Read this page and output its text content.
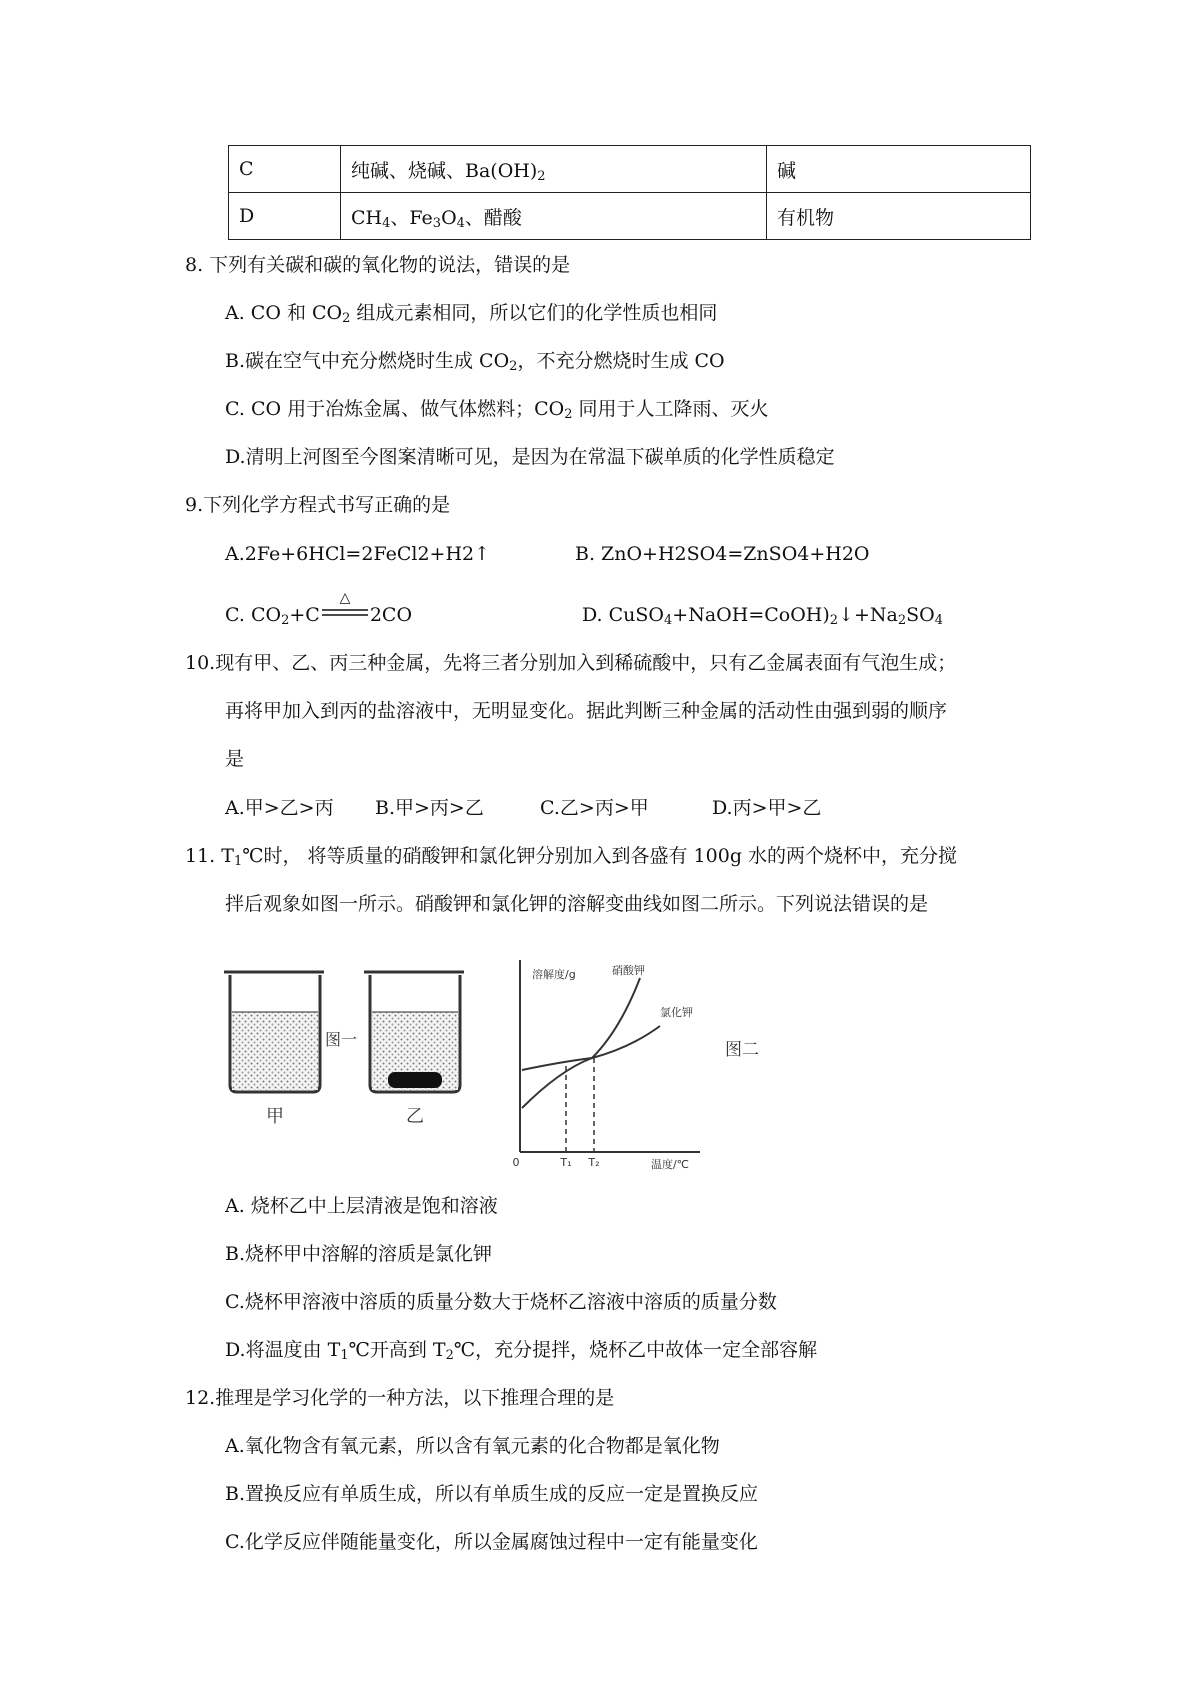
C	纯碱、烧碱、$Ba(OH)_2$	碱
D	$CH_4$、$Fe_3O_4$、醋酸	有机物
8. 下列有关碳和碳的氧化物的说法，错误的是
A. CO 和 $CO_2$ 组成元素相同，所以它们的化学性质也相同
B.碳在空气中充分燃烧时生成 $CO_2$，不充分燃烧时生成 CO
C. CO 用于冶炼金属、做气体燃料；$CO_2$ 同用于人工降雨、灭火
D.清明上河图至今图案清晰可见，是因为在常温下碳单质的化学性质稳定
9.下列化学方程式书写正确的是
A.2Fe+6HCl=2FeCl2+H2↑	B. ZnO+H2SO4=ZnSO4+H2O
C. $CO_2+C$
△
2CO	D. $CuSO_4+NaOH=CoOH)_2↓+Na_2SO_4$
10.现有甲、乙、丙三种金属，先将三者分别加入到稀硫酸中，只有乙金属表面有气泡生成；
再将甲加入到丙的盐溶液中，无明显变化。据此判断三种金属的活动性由强到弱的顺序
是
A.甲>乙>丙 B.甲>丙>乙	C.乙>丙>甲	D.丙>甲>乙
11. $T_1℃$时， 将等质量的硝酸钾和氯化钾分别加入到各盛有 100g 水的两个烧杯中，充分搅
拌后观象如图一所示。硝酸钾和氯化钾的溶解变曲线如图二所示。下列说法错误的是
甲	乙
图一
溶解度/g	硝酸钾
氯化钾
0	T₁ T₂	温度/℃
图二
A. 烧杯乙中上层清液是饱和溶液
B.烧杯甲中溶解的溶质是氯化钾
C.烧杯甲溶液中溶质的质量分数大于烧杯乙溶液中溶质的质量分数
D.将温度由 $T_1℃$开高到 $T_2℃$，充分提拌，烧杯乙中故体一定全部容解
12.推理是学习化学的一种方法，以下推理合理的是
A.氧化物含有氧元素，所以含有氧元素的化合物都是氧化物
B.置换反应有单质生成，所以有单质生成的反应一定是置换反应
C.化学反应伴随能量变化，所以金属腐蚀过程中一定有能量变化
